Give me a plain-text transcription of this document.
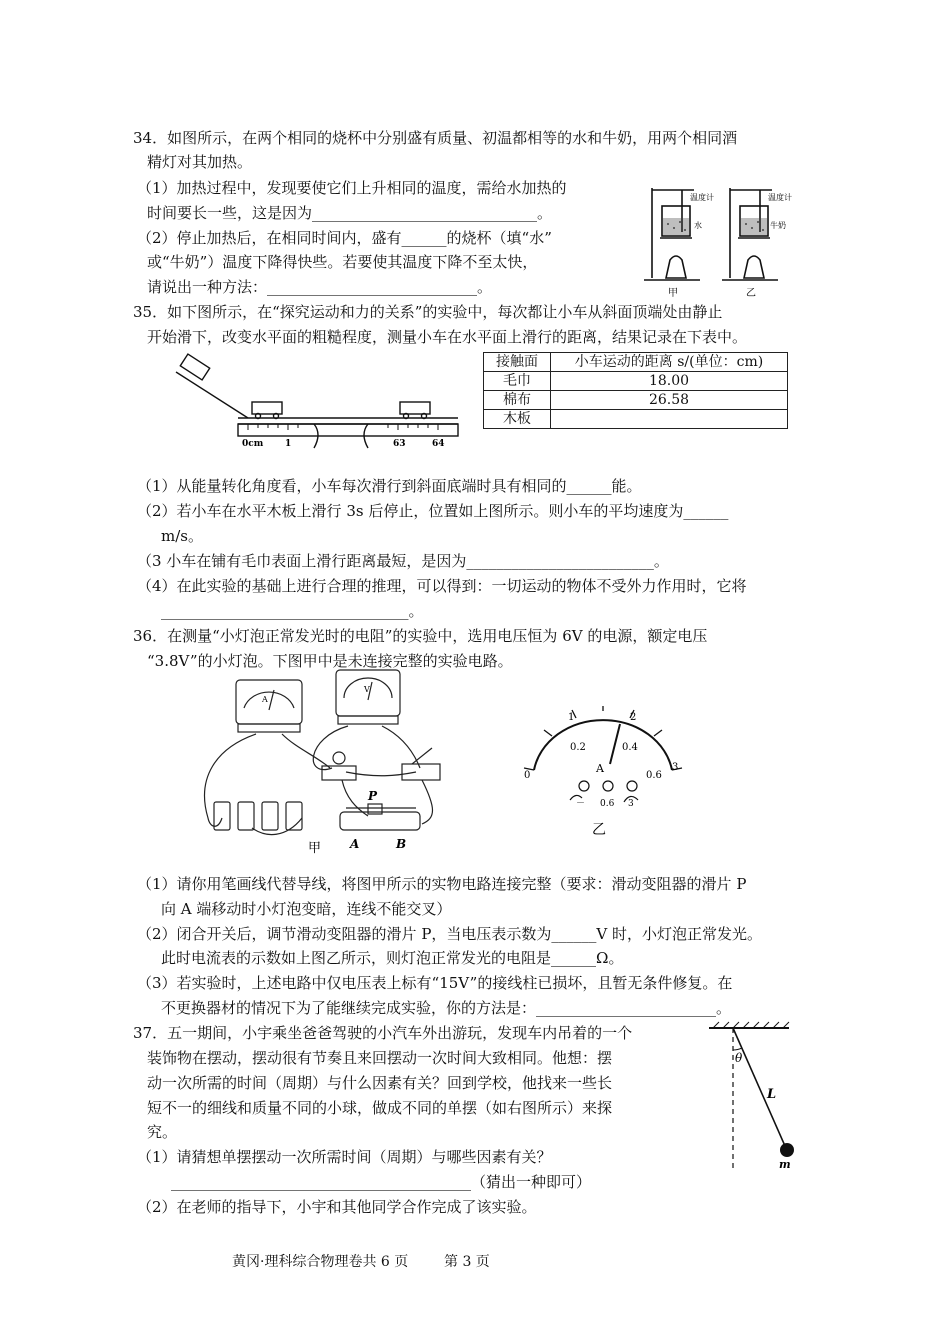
34．如图所示，在两个相同的烧杯中分别盛有质量、初温都相等的水和牛奶，用两个相同酒
精灯对其加热。
（1）加热过程中，发现要使它们上升相同的温度，需给水加热的
时间要长一些，这是因为______________________________。
（2）停止加热后，在相同时间内，盛有______的烧杯（填“水”
或“牛奶”）温度下降得快些。若要使其温度下降不至太快，
请说出一种方法：____________________________。
温度计
水
甲
温度计
牛奶
乙
35．如下图所示，在“探究运动和力的关系”的实验中，每次都让小车从斜面顶端处由静止
开始滑下，改变水平面的粗糙程度，测量小车在水平面上滑行的距离，结果记录在下表中。
0cm 1	63	64
接触面	小车运动的距离 s/(单位：cm)
毛巾	18.00
棉布	26.58
木板	
（1）从能量转化角度看，小车每次滑行到斜面底端时具有相同的______能。
（2）若小车在水平木板上滑行 3s 后停止，位置如上图所示。则小车的平均速度为______
m/s。
（3 小车在铺有毛巾表面上滑行距离最短，是因为_________________________。
（4）在此实验的基础上进行合理的推理，可以得到：一切运动的物体不受外力作用时，它将
_________________________________。
36．在测量“小灯泡正常发光时的电阻”的实验中，选用电压恒为 6V 的电源，额定电压
“3.8V”的小灯泡。下图甲中是未连接完整的实验电路。
A
V
P
A	B
甲
0
0.2	0.4
0.6
1	2
3
A
－ 0.6 3
乙
（1）请你用笔画线代替导线，将图甲所示的实物电路连接完整（要求：滑动变阻器的滑片 P
向 A 端移动时小灯泡变暗，连线不能交叉）
（2）闭合开关后，调节滑动变阻器的滑片 P，当电压表示数为______V 时，小灯泡正常发光。
此时电流表的示数如上图乙所示，则灯泡正常发光的电阻是______Ω。
（3）若实验时，上述电路中仅电压表上标有“15V”的接线柱已损坏，且暂无条件修复。在
不更换器材的情况下为了能继续完成实验，你的方法是：________________________。
37．五一期间，小宇乘坐爸爸驾驶的小汽车外出游玩，发现车内吊着的一个
装饰物在摆动，摆动很有节奏且来回摆动一次时间大致相同。他想：摆
动一次所需的时间（周期）与什么因素有关？回到学校，他找来一些长
短不一的细线和质量不同的小球，做成不同的单摆（如右图所示）来探
究。
θ
L
m
（1）请猜想单摆摆动一次所需时间（周期）与哪些因素有关？
________________________________________（猜出一种即可）
（2）在老师的指导下，小宇和其他同学合作完成了该实验。
黄冈·理科综合物理卷共 6 页	第 3 页
